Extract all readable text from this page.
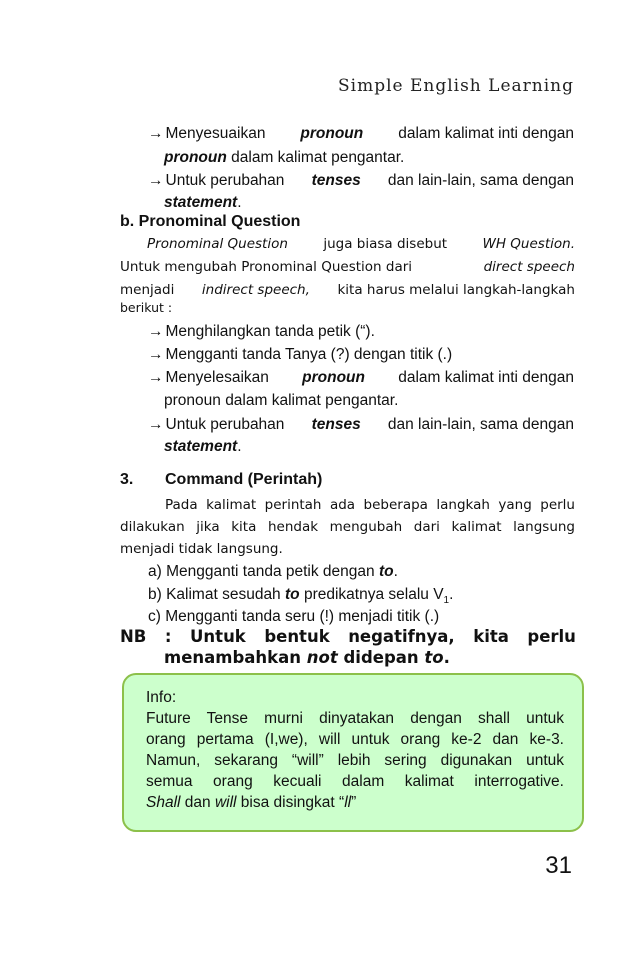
Simple English Learning
→ Menyesuaikan pronoun dalam kalimat inti dengan
pronoun dalam kalimat pengantar.
→ Untuk perubahan tenses dan lain-lain, sama dengan
statement.
b. Pronominal Question
Pronominal Question	juga biasa disebut	WH Question.
Untuk mengubah Pronominal Question dari	direct speech
menjadi indirect speech, kita harus melalui langkah-langkah
berikut :
→ Menghilangkan tanda petik (“).
→ Mengganti tanda Tanya (?) dengan titik (.)
→ Menyelesaikan pronoun dalam kalimat inti dengan
pronoun dalam kalimat pengantar.
→ Untuk perubahan tenses dan lain-lain, sama dengan
statement.
3. Command (Perintah)
Pada kalimat perintah ada beberapa langkah yang perlu
dilakukan jika kita hendak mengubah dari kalimat langsung
menjadi tidak langsung.
a) Mengganti tanda petik dengan to.
b) Kalimat sesudah to predikatnya selalu $V_1$.
c) Mengganti tanda seru (!) menjadi titik (.)
NB : Untuk bentuk negatifnya, kita perlu
menambahkan not didepan to.
Info:
Future Tense murni dinyatakan dengan shall untuk
orang pertama (I,we), will untuk orang ke-2 dan ke-3.
Namun, sekarang “will” lebih sering digunakan untuk
semua orang kecuali dalam kalimat interrogative.
Shall dan will bisa disingkat “ll”
31
